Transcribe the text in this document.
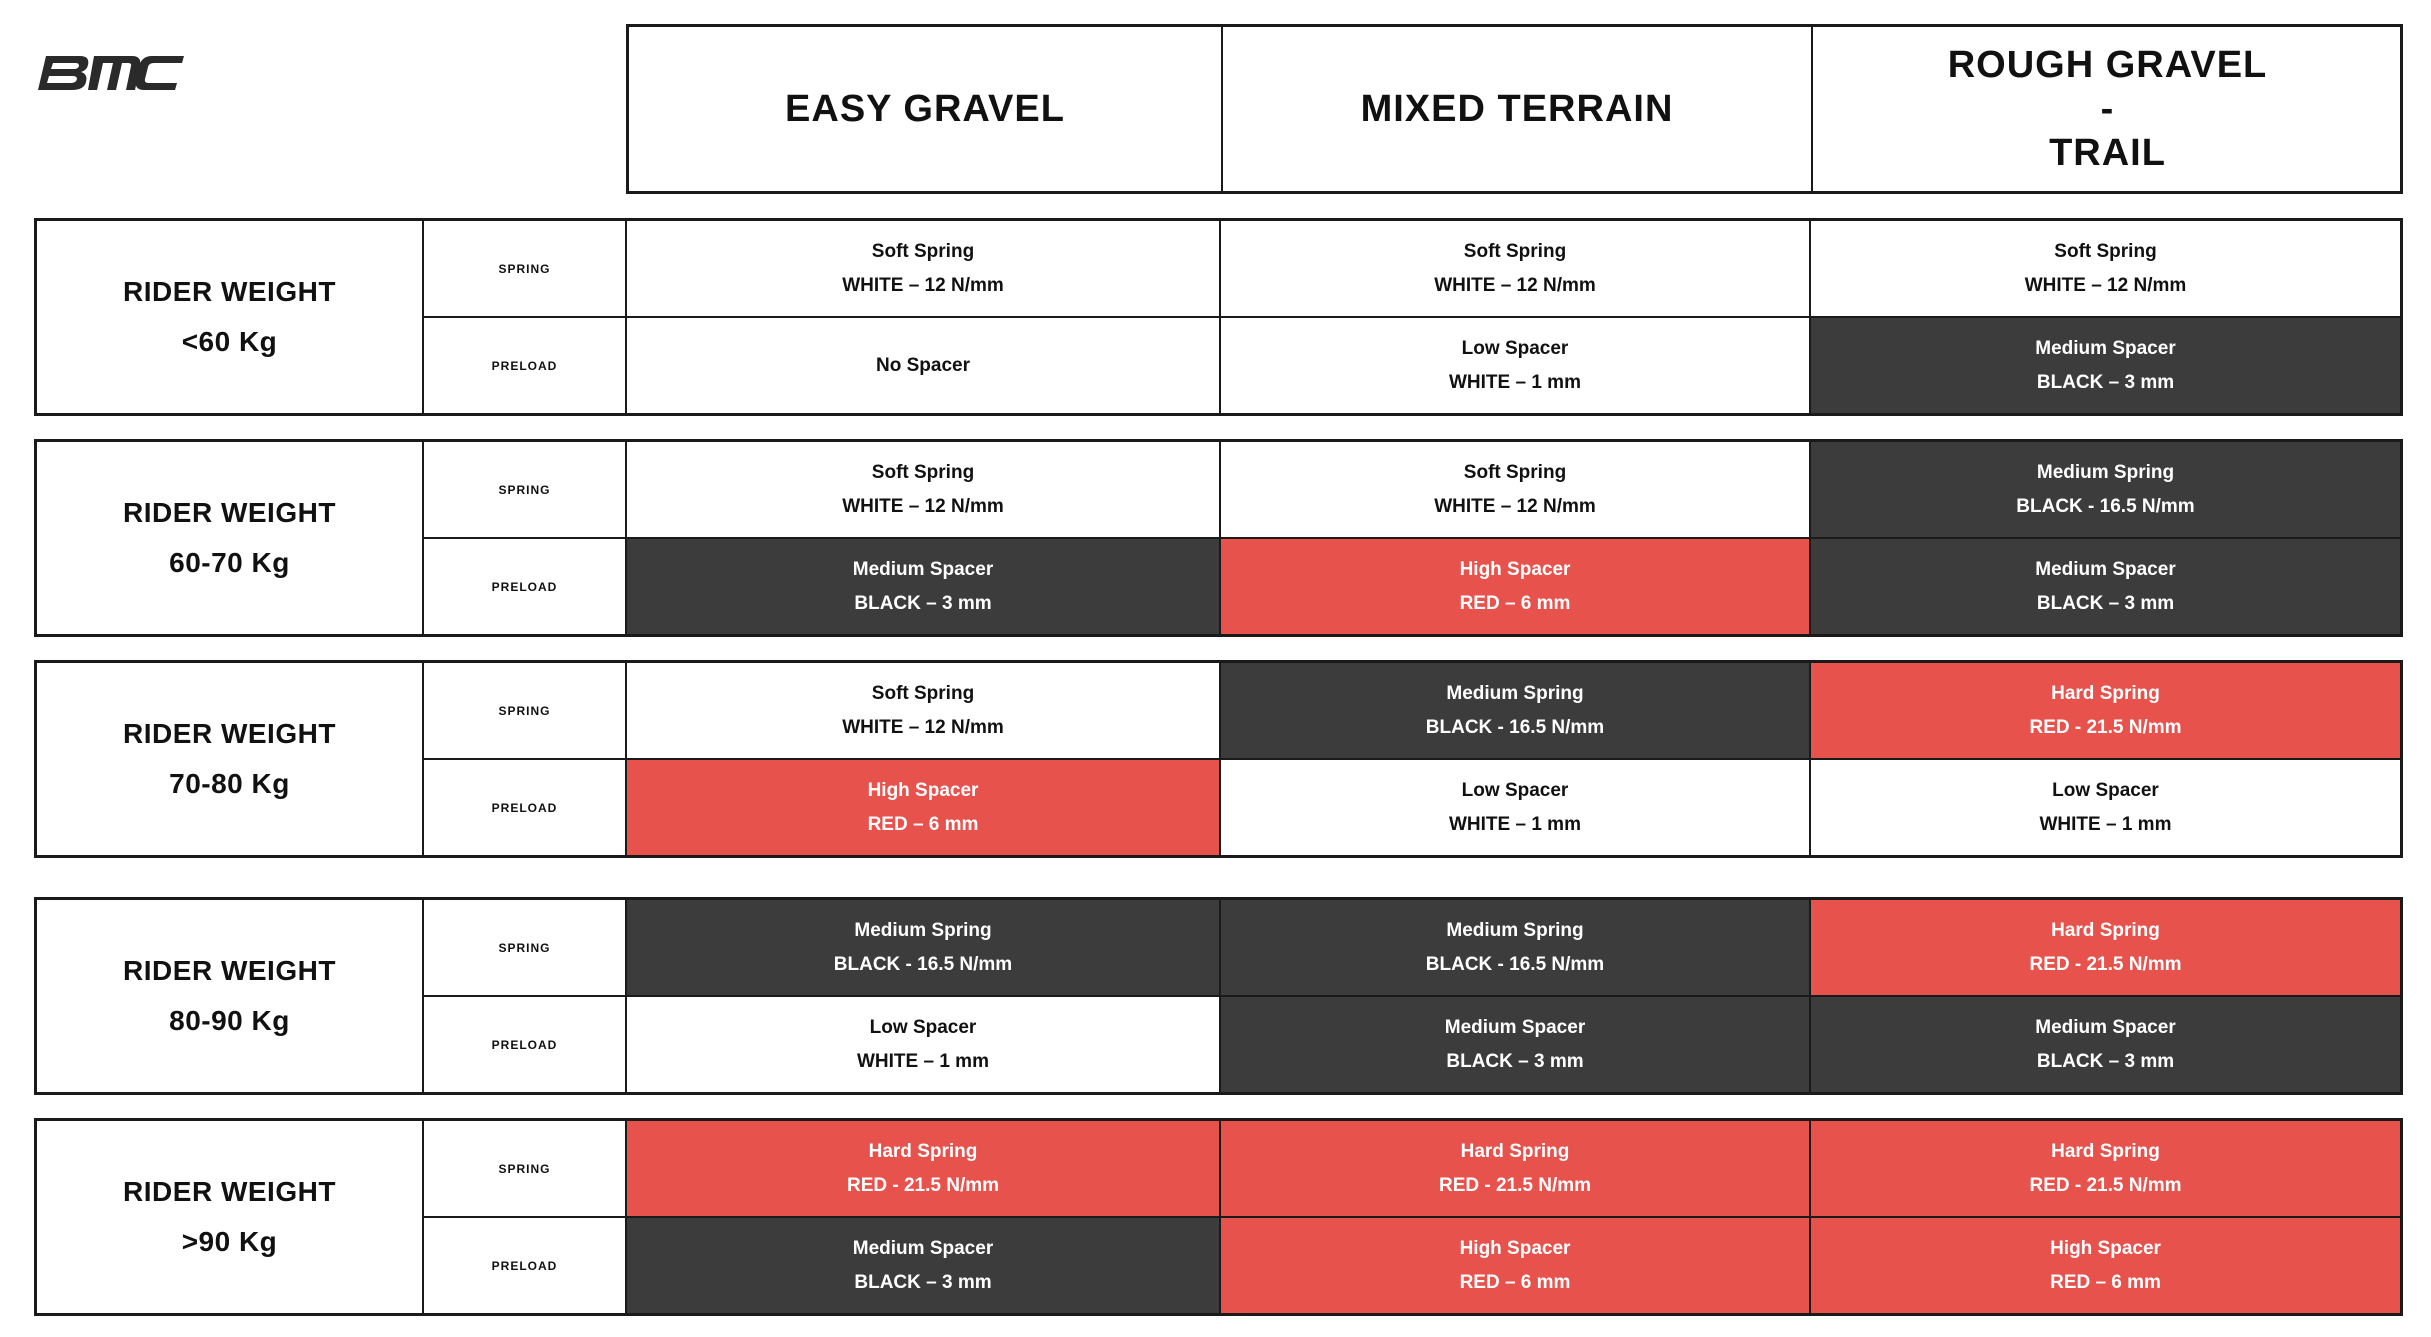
EASY GRAVEL	MIXED TERRAIN
ROUGH GRAVEL
-
TRAIL
RIDER WEIGHT
<60 Kg
SPRING
Soft Spring
WHITE – 12 N/mm
Soft Spring
WHITE – 12 N/mm
Soft Spring
WHITE – 12 N/mm
PRELOAD	No Spacer
Low Spacer
WHITE – 1 mm
Medium Spacer
BLACK – 3 mm
RIDER WEIGHT
60-70 Kg
SPRING
Soft Spring
WHITE – 12 N/mm
Soft Spring
WHITE – 12 N/mm
Medium Spring
BLACK - 16.5 N/mm
PRELOAD
Medium Spacer
BLACK – 3 mm
High Spacer
RED – 6 mm
Medium Spacer
BLACK – 3 mm
RIDER WEIGHT
70-80 Kg
SPRING
Soft Spring
WHITE – 12 N/mm
Medium Spring
BLACK - 16.5 N/mm
Hard Spring
RED - 21.5 N/mm
PRELOAD
High Spacer
RED – 6 mm
Low Spacer
WHITE – 1 mm
Low Spacer
WHITE – 1 mm
RIDER WEIGHT
80-90 Kg
SPRING
Medium Spring
BLACK - 16.5 N/mm
Medium Spring
BLACK - 16.5 N/mm
Hard Spring
RED - 21.5 N/mm
PRELOAD
Low Spacer
WHITE – 1 mm
Medium Spacer
BLACK – 3 mm
Medium Spacer
BLACK – 3 mm
RIDER WEIGHT
>90 Kg
SPRING
Hard Spring
RED - 21.5 N/mm
Hard Spring
RED - 21.5 N/mm
Hard Spring
RED - 21.5 N/mm
PRELOAD
Medium Spacer
BLACK – 3 mm
High Spacer
RED – 6 mm
High Spacer
RED – 6 mm
